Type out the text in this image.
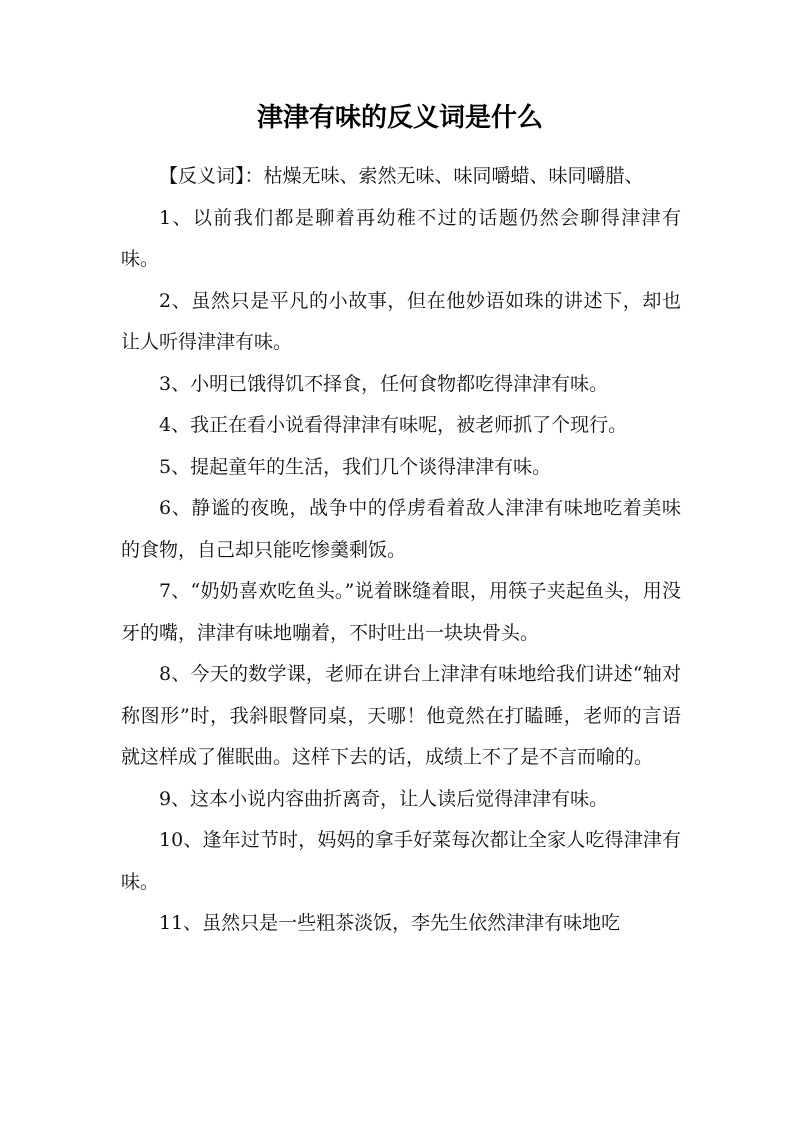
津津有味的反义词是什么

【反义词】：枯燥无味、索然无味、味同嚼蜡、味同嚼腊、

1、以前我们都是聊着再幼稚不过的话题仍然会聊得津津有味。

2、虽然只是平凡的小故事，但在他妙语如珠的讲述下，却也让人听得津津有味。

3、小明已饿得饥不择食，任何食物都吃得津津有味。

4、我正在看小说看得津津有味呢，被老师抓了个现行。

5、提起童年的生活，我们几个谈得津津有味。

6、静谧的夜晚，战争中的俘虏看着敌人津津有味地吃着美味的食物，自己却只能吃惨羹剩饭。

7、“奶奶喜欢吃鱼头。”说着眯缝着眼，用筷子夹起鱼头，用没牙的嘴，津津有味地嘣着，不时吐出一块块骨头。

8、今天的数学课，老师在讲台上津津有味地给我们讲述“轴对称图形”时，我斜眼瞥同桌，天哪！他竟然在打瞌睡，老师的言语就这样成了催眠曲。这样下去的话，成绩上不了是不言而喻的。

9、这本小说内容曲折离奇，让人读后觉得津津有味。

10、逢年过节时，妈妈的拿手好菜每次都让全家人吃得津津有味。

11、虽然只是一些粗茶淡饭，李先生依然津津有味地吃
